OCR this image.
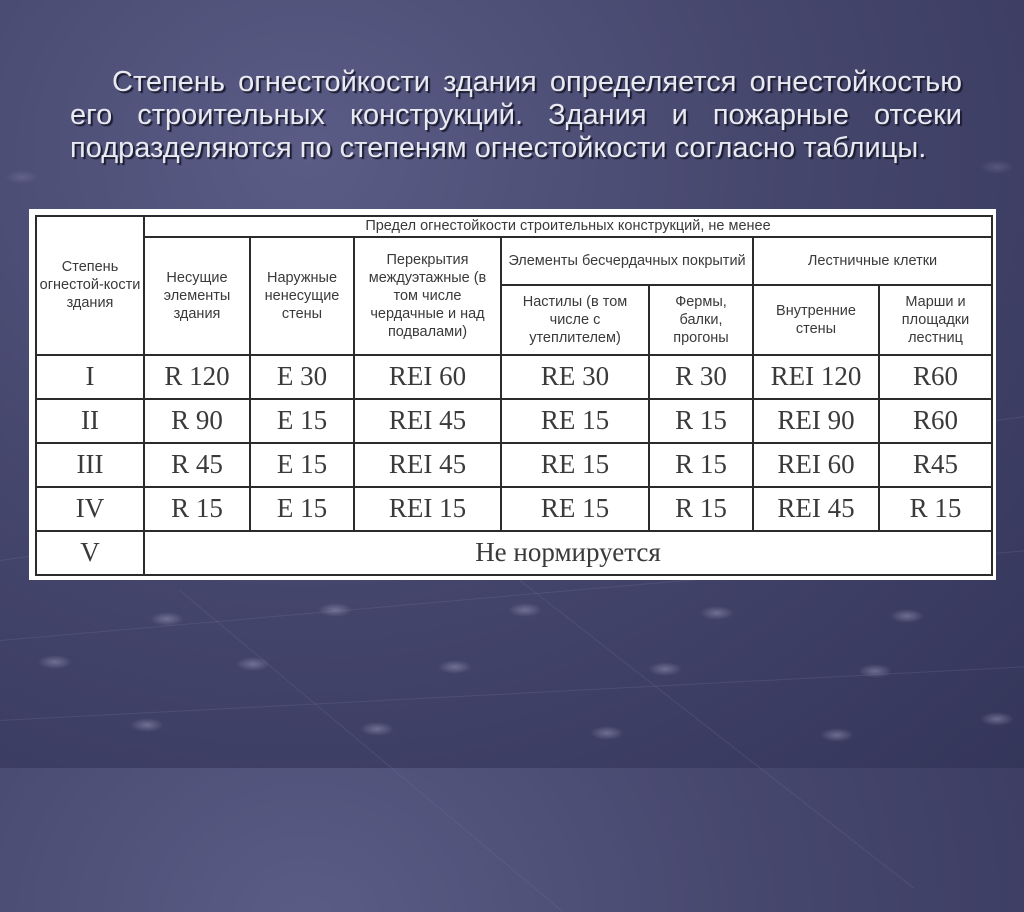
Степень огнестойкости здания определяется огнестойкостью его строительных конструкций. Здания и пожарные отсеки подразделяются по степеням огнестойкости согласно таблицы.

Степень огнестой-кости здания	Предел огнестойкости строительных конструкций, не менее						
	Несущие элементы здания	Наружные ненесущие стены	Перекрытия междуэтажные (в том числе чердачные и над подвалами)	Элементы бесчердачных покрытий		Лестничные клетки	
				Настилы (в том числе с утеплителем)	Фермы, балки, прогоны	Внутренние стены	Марши и площадки лестниц
I	R 120	E 30	REI 60	RE 30	R 30	REI 120	R60
II	R 90	E 15	REI 45	RE 15	R 15	REI 90	R60
III	R 45	E 15	REI 45	RE 15	R 15	REI 60	R45
IV	R 15	E 15	REI 15	RE 15	R 15	REI 45	R 15
V	Не нормируется						
